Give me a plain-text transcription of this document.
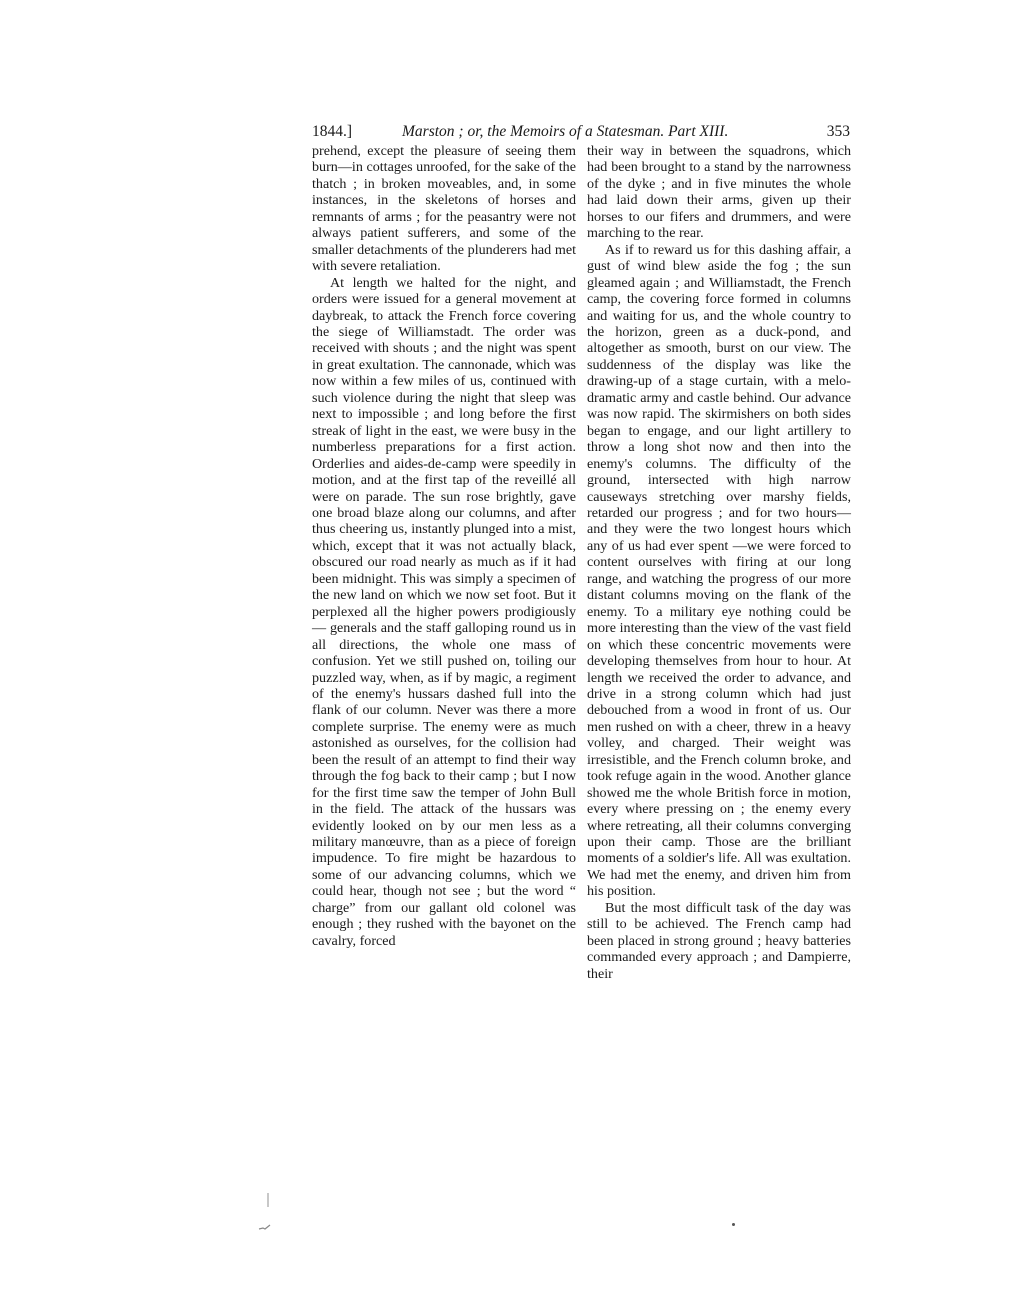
1844.]	Marston ; or, the Memoirs of a Statesman. Part XIII.	353

prehend, except the pleasure of seeing them burn—in cottages unroofed, for the sake of the thatch ; in broken moveables, and, in some instances, in the skeletons of horses and remnants of arms ; for the peasantry were not always patient sufferers, and some of the smaller detachments of the plunderers had met with severe retaliation.

At length we halted for the night, and orders were issued for a general movement at daybreak, to attack the French force covering the siege of Williamstadt. The order was received with shouts ; and the night was spent in great exultation. The cannonade, which was now within a few miles of us, continued with such violence during the night that sleep was next to impossible ; and long before the first streak of light in the east, we were busy in the numberless preparations for a first action. Orderlies and aides-de-camp were speedily in motion, and at the first tap of the reveillé all were on parade. The sun rose brightly, gave one broad blaze along our columns, and after thus cheering us, instantly plunged into a mist, which, except that it was not actually black, obscured our road nearly as much as if it had been midnight. This was simply a specimen of the new land on which we now set foot. But it perplexed all the higher powers prodigiously — generals and the staff galloping round us in all directions, the whole one mass of confusion. Yet we still pushed on, toiling our puzzled way, when, as if by magic, a regiment of the enemy's hussars dashed full into the flank of our column. Never was there a more complete surprise. The enemy were as much astonished as ourselves, for the collision had been the result of an attempt to find their way through the fog back to their camp ; but I now for the first time saw the temper of John Bull in the field. The attack of the hussars was evidently looked on by our men less as a military manœuvre, than as a piece of foreign impudence. To fire might be hazardous to some of our advancing columns, which we could hear, though not see ; but the word “ charge” from our gallant old colonel was enough ; they rushed with the bayonet on the cavalry, forced

their way in between the squadrons, which had been brought to a stand by the narrowness of the dyke ; and in five minutes the whole had laid down their arms, given up their horses to our fifers and drummers, and were marching to the rear.

As if to reward us for this dashing affair, a gust of wind blew aside the fog ; the sun gleamed again ; and Williamstadt, the French camp, the covering force formed in columns and waiting for us, and the whole country to the horizon, green as a duck-pond, and altogether as smooth, burst on our view. The suddenness of the display was like the drawing-up of a stage curtain, with a melo-dramatic army and castle behind. Our advance was now rapid. The skirmishers on both sides began to engage, and our light artillery to throw a long shot now and then into the enemy's columns. The difficulty of the ground, intersected with high narrow causeways stretching over marshy fields, retarded our progress ; and for two hours—and they were the two longest hours which any of us had ever spent —we were forced to content ourselves with firing at our long range, and watching the progress of our more distant columns moving on the flank of the enemy. To a military eye nothing could be more interesting than the view of the vast field on which these concentric movements were developing themselves from hour to hour. At length we received the order to advance, and drive in a strong column which had just debouched from a wood in front of us. Our men rushed on with a cheer, threw in a heavy volley, and charged. Their weight was irresistible, and the French column broke, and took refuge again in the wood. Another glance showed me the whole British force in motion, every where pressing on ; the enemy every where retreating, all their columns converging upon their camp. Those are the brilliant moments of a soldier's life. All was exultation. We had met the enemy, and driven him from his position.

But the most difficult task of the day was still to be achieved. The French camp had been placed in strong ground ; heavy batteries commanded every approach ; and Dampierre, their
